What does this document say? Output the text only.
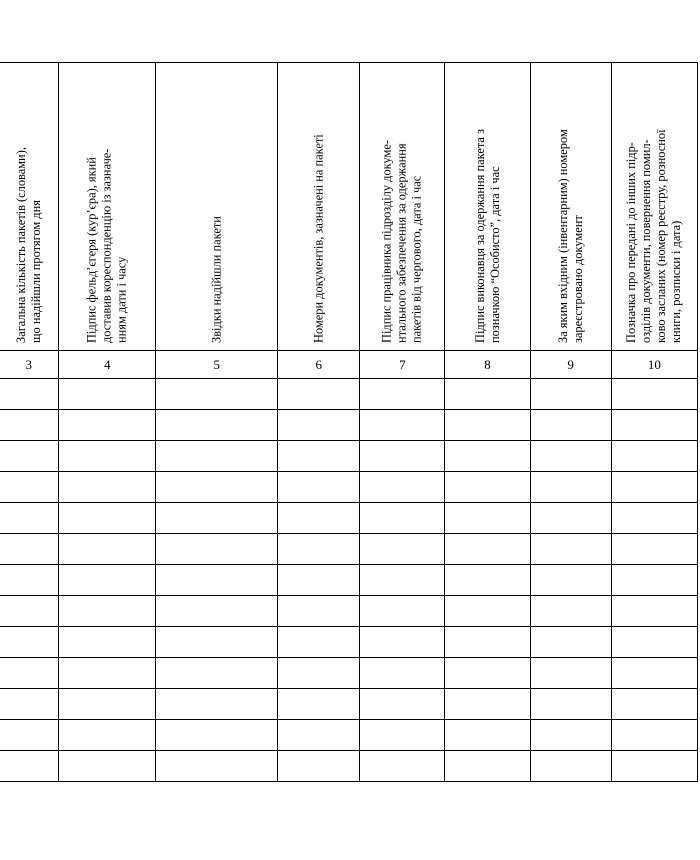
Загальна кількість пакетів (словами),
що надійшли протягом дня	Підпис фельд’єгеря (кур’єра), який
доставив кореспонденцію із зазначе-
нням дати і часу	Звідки надійшли пакети	Номери документів, зазначені на пакеті	Підпис працівника підрозділу докуме-
нтального забезпечення за одержання
пакетів від чергового, дата і час	Підпис виконавця за одержання пакета з
позначкою “Особисто”, дата і час	За яким вхідним (інвентарним) номером
зареєстровано документ	Позначка про передані до інших підр-
озділів документи, повернення помил-
ково засланих (номер реєстру, розносної
книги, розписки і дата)

3	4	5	6	7	8	9	10
